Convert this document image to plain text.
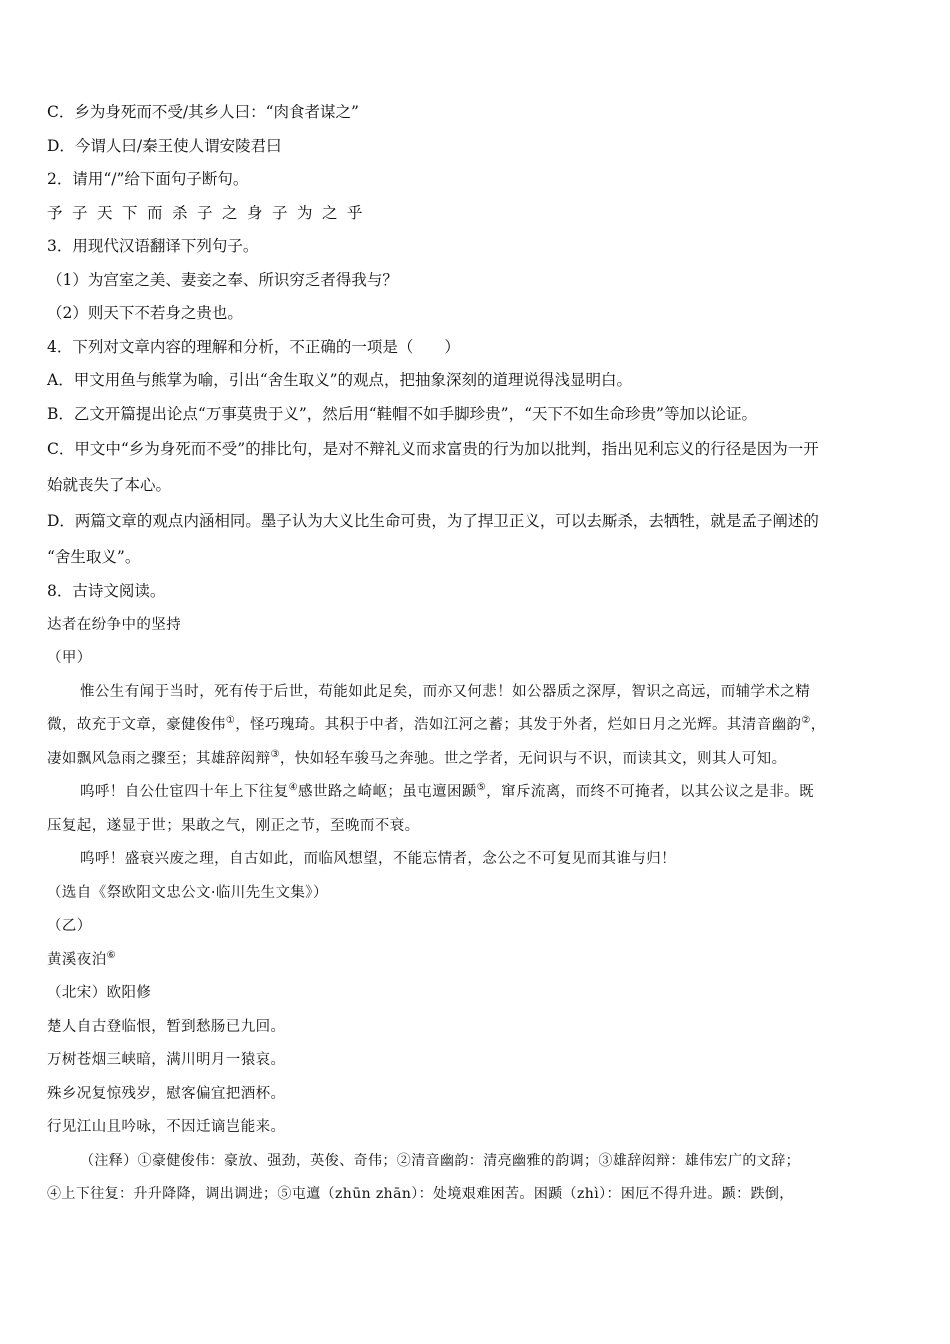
C．乡为身死而不受/其乡人曰：“肉食者谋之”
D．今谓人曰/秦王使人谓安陵君曰
2．请用“/”给下面句子断句。
予子天下而杀子之身子为之乎
3．用现代汉语翻译下列句子。
（1）为宫室之美、妻妾之奉、所识穷乏者得我与？
（2）则天下不若身之贵也。
4．下列对文章内容的理解和分析，不正确的一项是（　　）
A．甲文用鱼与熊掌为喻，引出“舍生取义”的观点，把抽象深刻的道理说得浅显明白。
B．乙文开篇提出论点“万事莫贵于义”，然后用“鞋帽不如手脚珍贵”，“天下不如生命珍贵”等加以论证。
C．甲文中“乡为身死而不受”的排比句，是对不辩礼义而求富贵的行为加以批判，指出见利忘义的行径是因为一开
始就丧失了本心。
D．两篇文章的观点内涵相同。墨子认为大义比生命可贵，为了捍卫正义，可以去厮杀，去牺牲，就是孟子阐述的
“舍生取义”。
8．古诗文阅读。
达者在纷争中的坚持
（甲）
惟公生有闻于当时，死有传于后世，苟能如此足矣，而亦又何悲！如公器质之深厚，智识之高远，而辅学术之精
微，故充于文章，豪健俊伟①，怪巧瑰琦。其积于中者，浩如江河之蓄；其发于外者，烂如日月之光辉。其清音幽韵②，
凄如飘风急雨之骤至；其雄辞闳辩③，快如轻车骏马之奔驰。世之学者，无问识与不识，而读其文，则其人可知。
呜呼！自公仕宦四十年上下往复④感世路之崎岖；虽屯邅困踬⑤，窜斥流离，而终不可掩者，以其公议之是非。既
压复起，遂显于世；果敢之气，刚正之节，至晚而不衰。
呜呼！盛衰兴废之理，自古如此，而临风想望，不能忘情者，念公之不可复见而其谁与归！
（选自《祭欧阳文忠公文·临川先生文集》）
（乙）
黄溪夜泊⑥
（北宋）欧阳修
楚人自古登临恨，暂到愁肠已九回。
万树苍烟三峡暗，满川明月一猿哀。
殊乡况复惊残岁，慰客偏宜把酒杯。
行见江山且吟咏，不因迁谪岂能来。
（注释）①豪健俊伟：豪放、强劲，英俊、奇伟；②清音幽韵：清亮幽雅的韵调；③雄辞闳辩：雄伟宏广的文辞；
④上下往复：升升降降，调出调进；⑤屯邅（zhūn zhān）：处境艰难困苦。困踬（zhì）：困厄不得升进。踬：跌倒，
